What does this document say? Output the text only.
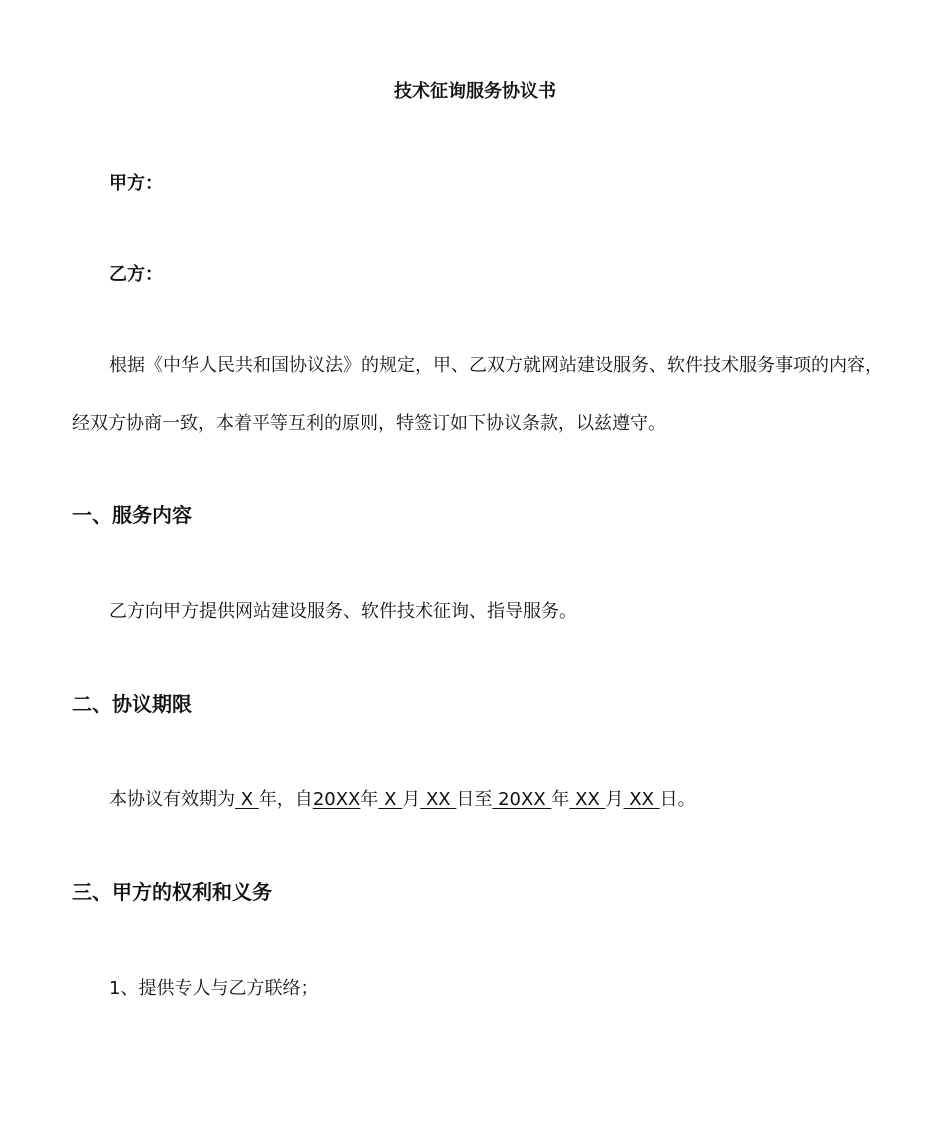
技术征询服务协议书

甲方：

乙方：

根据《中华人民共和国协议法》的规定，甲、乙双方就网站建设服务、软件技术服务事项的内容，

经双方协商一致，本着平等互利的原则，特签订如下协议条款，以兹遵守。

一、服务内容

乙方向甲方提供网站建设服务、软件技术征询、指导服务。

二、协议期限

本协议有效期为 X 年，自20XX年 X 月 XX 日至 20XX 年 XX 月 XX 日。

三、甲方的权利和义务

1、提供专人与乙方联络；
